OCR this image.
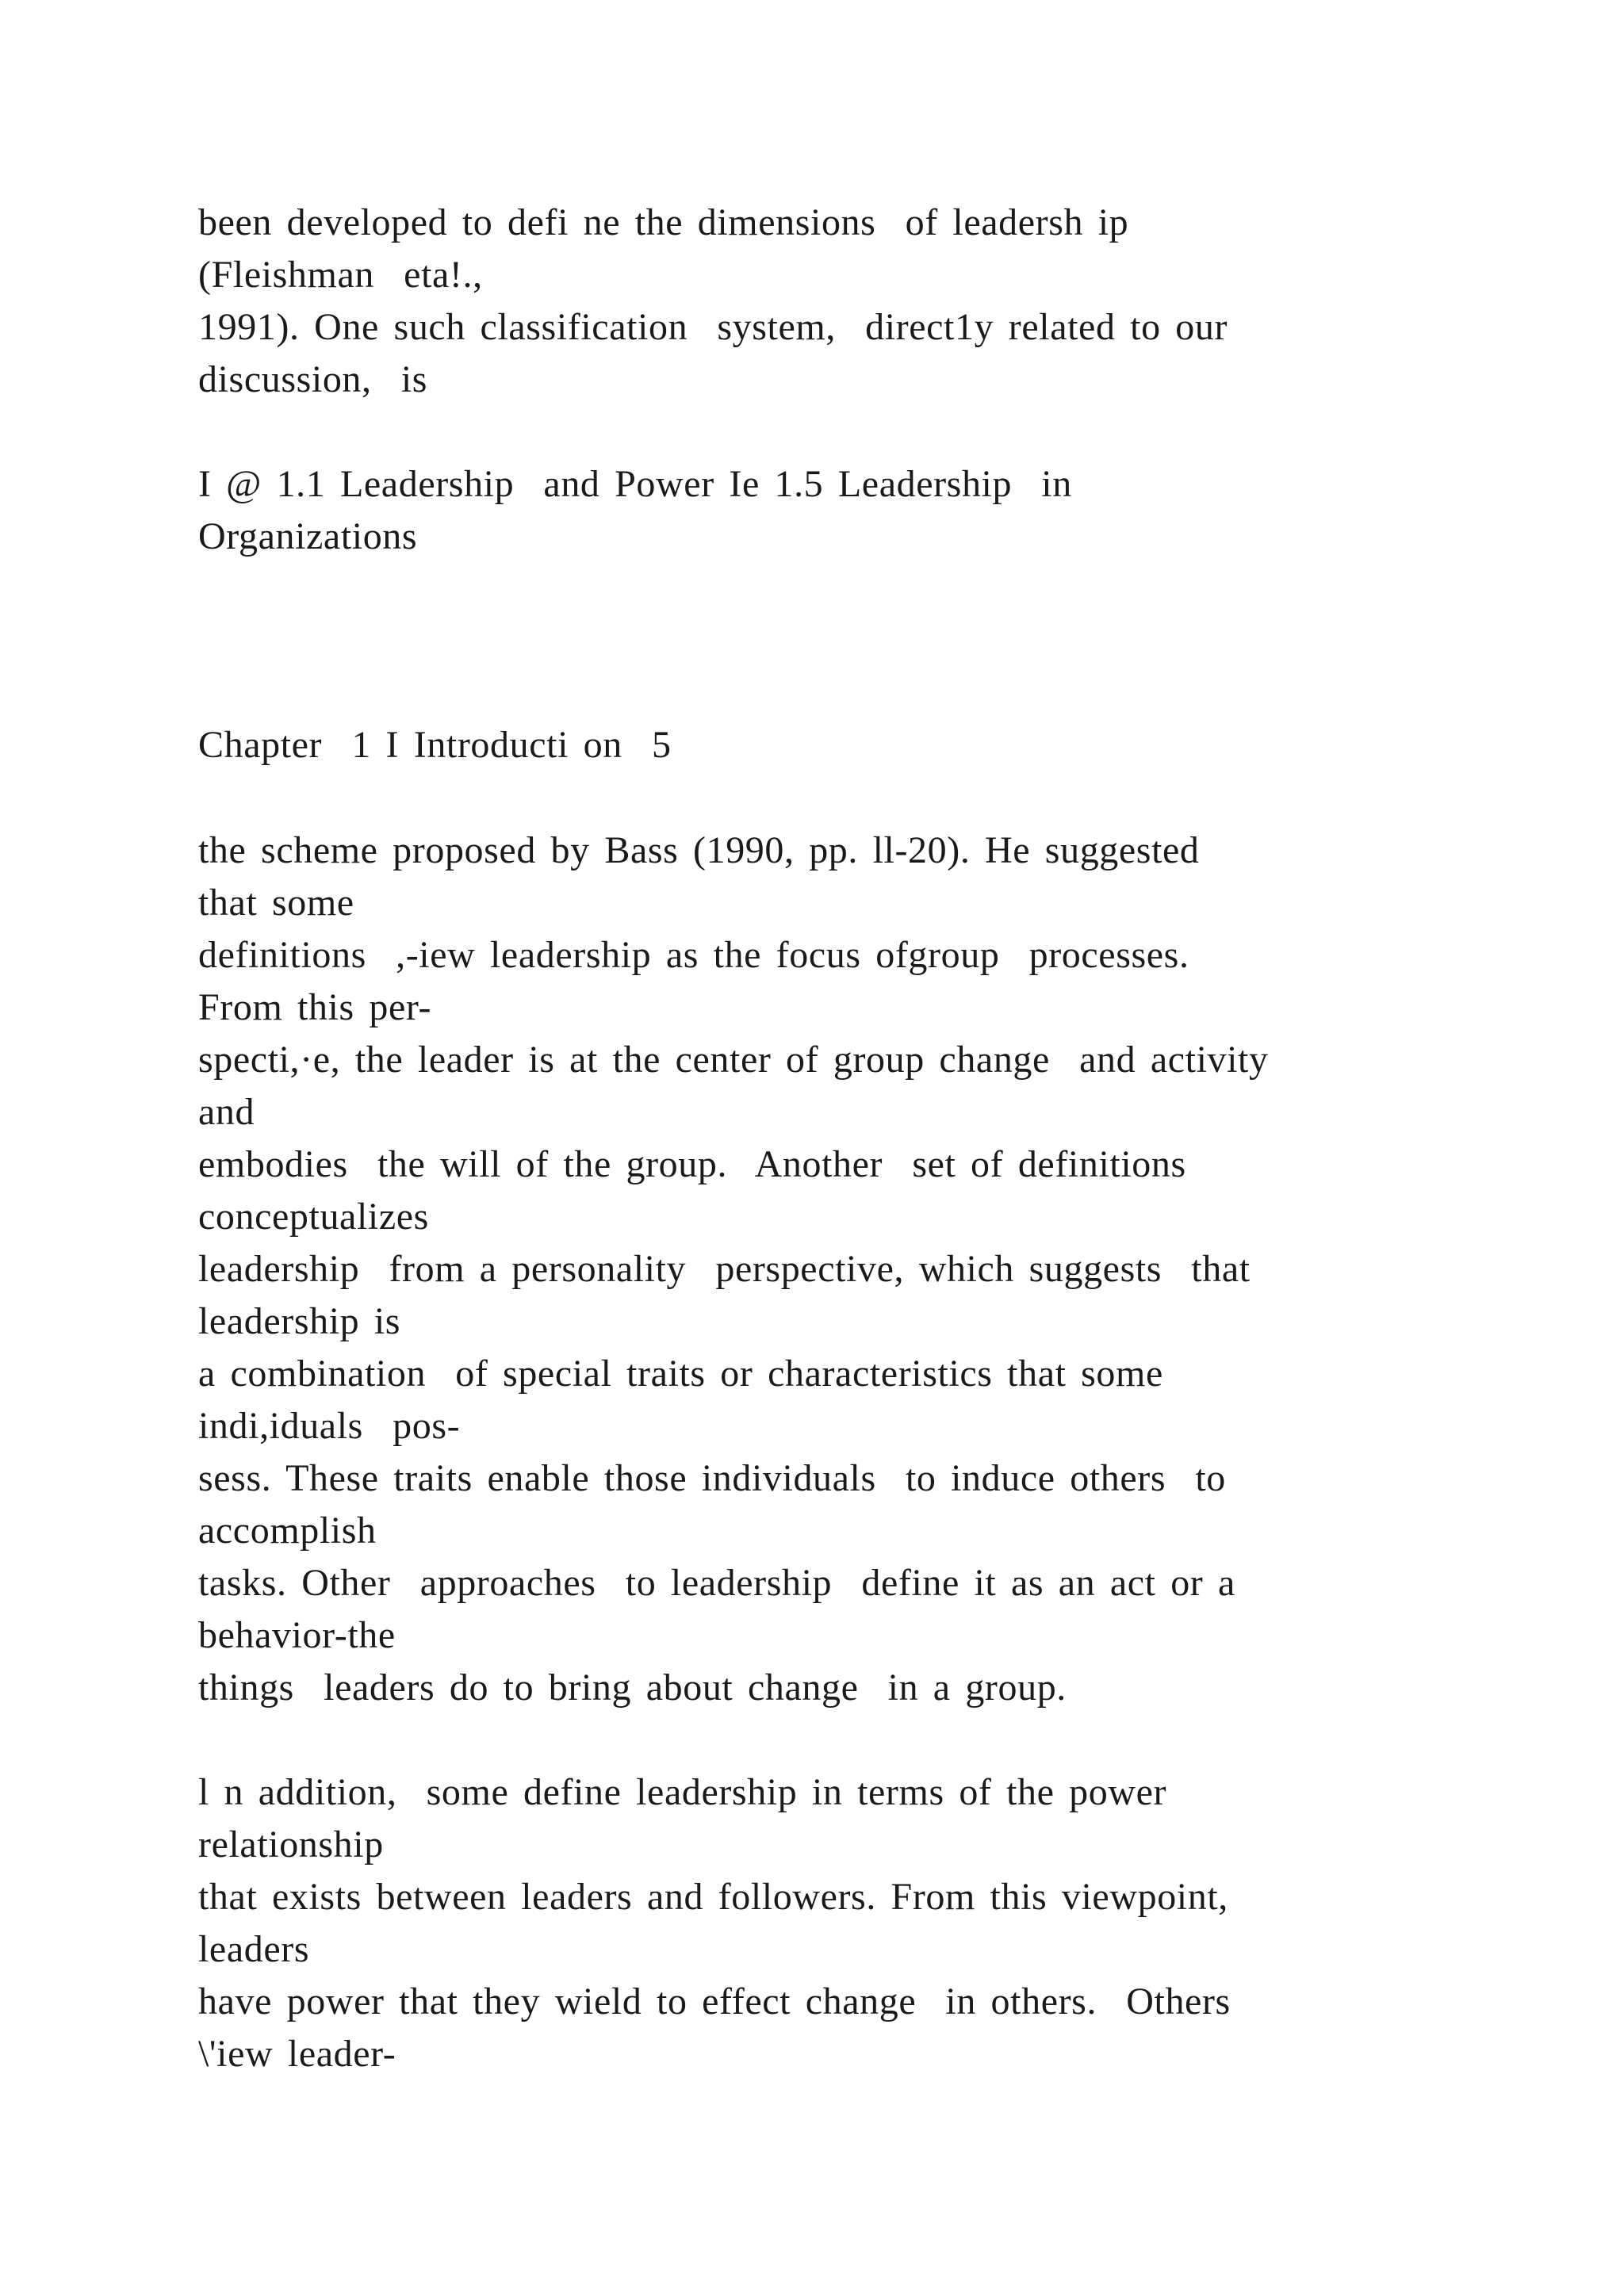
been developed to defi ne the dimensions  of leadersh ip

(Fleishman  eta!.,

1991). One such classification  system,  direct1y related to our

discussion,  is

I @ 1.1 Leadership  and Power Ie 1.5 Leadership  in

Organizations

Chapter  1 I Introducti on  5

the scheme proposed by Bass (1990, pp. ll-20). He suggested

that some

definitions  ,-iew leadership as the focus ofgroup  processes.

From this per-

specti,·e, the leader is at the center of group change  and activity

and

embodies  the will of the group.  Another  set of definitions

conceptualizes

leadership  from a personality  perspective, which suggests  that

leadership is

a combination  of special traits or characteristics that some

indi,iduals  pos-

sess. These traits enable those individuals  to induce others  to

accomplish

tasks. Other  approaches  to leadership  define it as an act or a

behavior-the

things  leaders do to bring about change  in a group.

l n addition,  some define leadership in terms of the power

relationship

that exists between leaders and followers. From this viewpoint,

leaders

have power that they wield to effect change  in others.  Others

\'iew leader-
